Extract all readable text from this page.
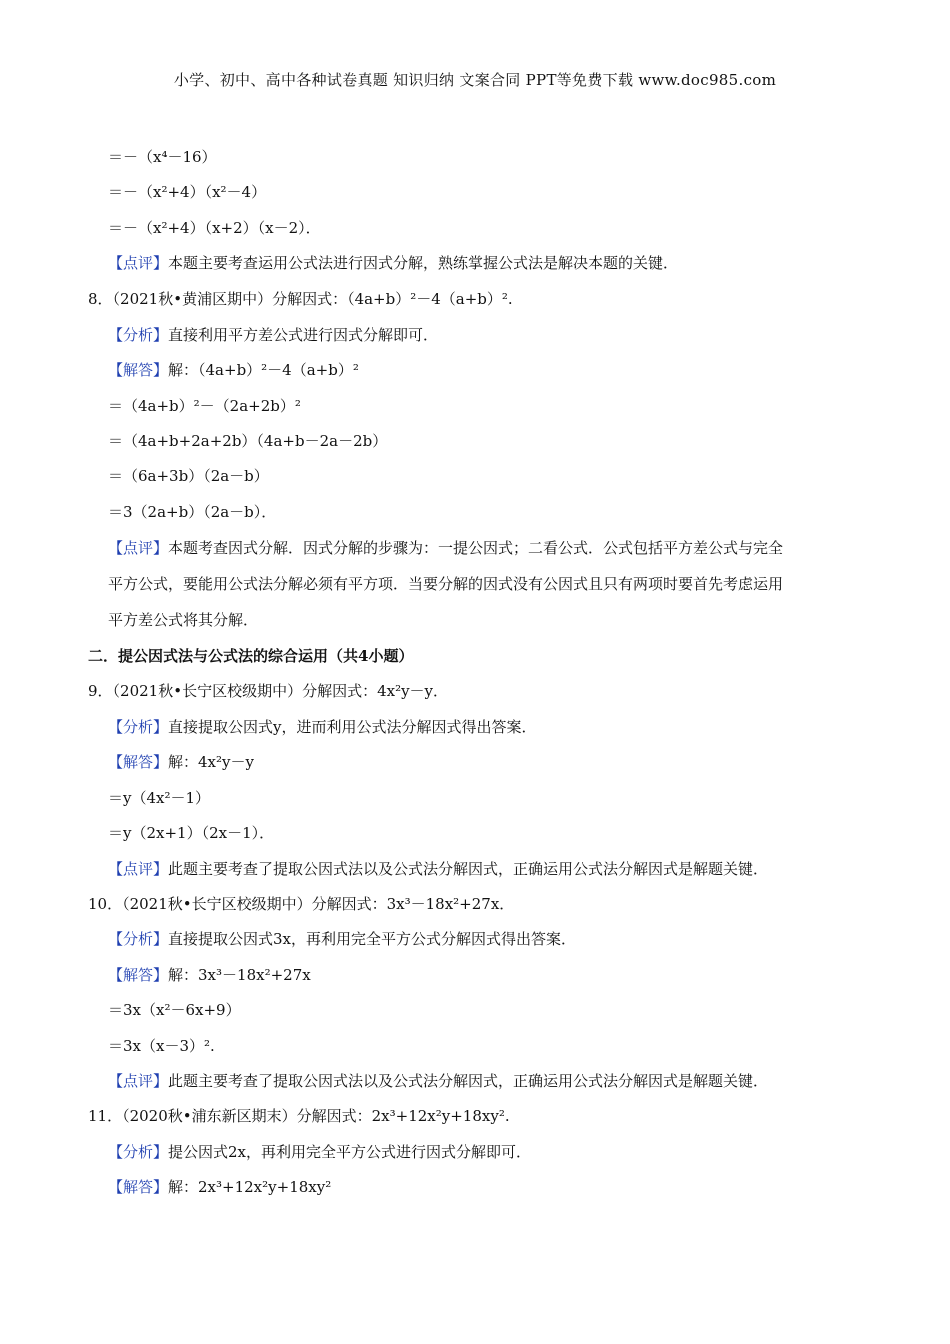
小学、初中、高中各种试卷真题 知识归纳 文案合同 PPT等免费下载 www.doc985.com
＝－（x⁴－16）
＝－（x²+4）（x²－4）
＝－（x²+4）（x+2）（x－2）．
【点评】本题主要考查运用公式法进行因式分解，熟练掌握公式法是解决本题的关键．
8．（2021秋•黄浦区期中）分解因式：（4a+b）²－4（a+b）².
【分析】直接利用平方差公式进行因式分解即可．
【解答】解：（4a+b）²－4（a+b）²
＝（4a+b）²－（2a+2b）²
＝（4a+b+2a+2b）（4a+b－2a－2b）
＝（6a+3b）（2a－b）
＝3（2a+b）（2a－b）．
【点评】本题考查因式分解．因式分解的步骤为：一提公因式；二看公式．公式包括平方差公式与完全
平方公式，要能用公式法分解必须有平方项．当要分解的因式没有公因式且只有两项时要首先考虑运用
平方差公式将其分解．
二．提公因式法与公式法的综合运用（共4小题）
9．（2021秋•长宁区校级期中）分解因式：4x²y－y．
【分析】直接提取公因式y，进而利用公式法分解因式得出答案．
【解答】解：4x²y－y
＝y（4x²－1）
＝y（2x+1）（2x－1）．
【点评】此题主要考查了提取公因式法以及公式法分解因式，正确运用公式法分解因式是解题关键．
10．（2021秋•长宁区校级期中）分解因式：3x³－18x²+27x．
【分析】直接提取公因式3x，再利用完全平方公式分解因式得出答案．
【解答】解：3x³－18x²+27x
＝3x（x²－6x+9）
＝3x（x－3）².
【点评】此题主要考查了提取公因式法以及公式法分解因式，正确运用公式法分解因式是解题关键．
11．（2020秋•浦东新区期末）分解因式：2x³+12x²y+18xy².
【分析】提公因式2x，再利用完全平方公式进行因式分解即可．
【解答】解：2x³+12x²y+18xy²
